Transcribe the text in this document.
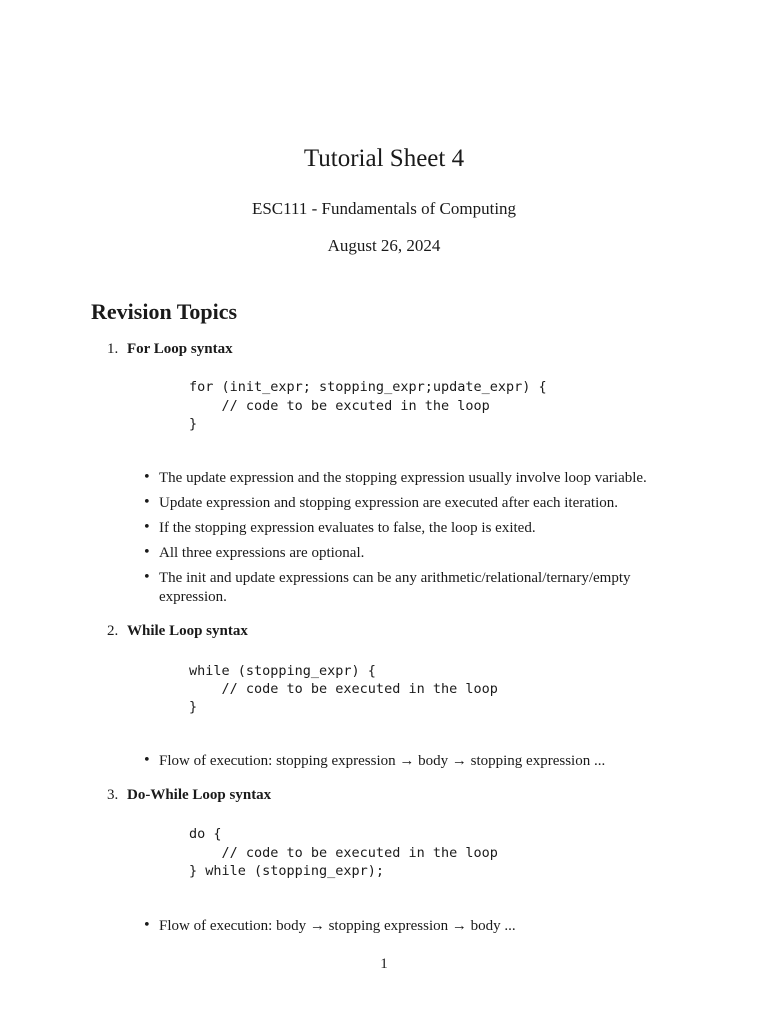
Tutorial Sheet 4
ESC111 - Fundamentals of Computing
August 26, 2024
Revision Topics
1. For Loop syntax
for (init_expr; stopping_expr;update_expr) {
// code to be excuted in the loop
}
• The update expression and the stopping expression usually involve loop variable.
• Update expression and stopping expression are executed after each iteration.
• If the stopping expression evaluates to false, the loop is exited.
• All three expressions are optional.
• The init and update expressions can be any arithmetic/relational/ternary/empty expression.
2. While Loop syntax
while (stopping_expr) {
// code to be executed in the loop
}
• Flow of execution: stopping expression → body → stopping expression ...
3. Do-While Loop syntax
do {
// code to be executed in the loop
} while (stopping_expr);
• Flow of execution: body → stopping expression → body ...
1
